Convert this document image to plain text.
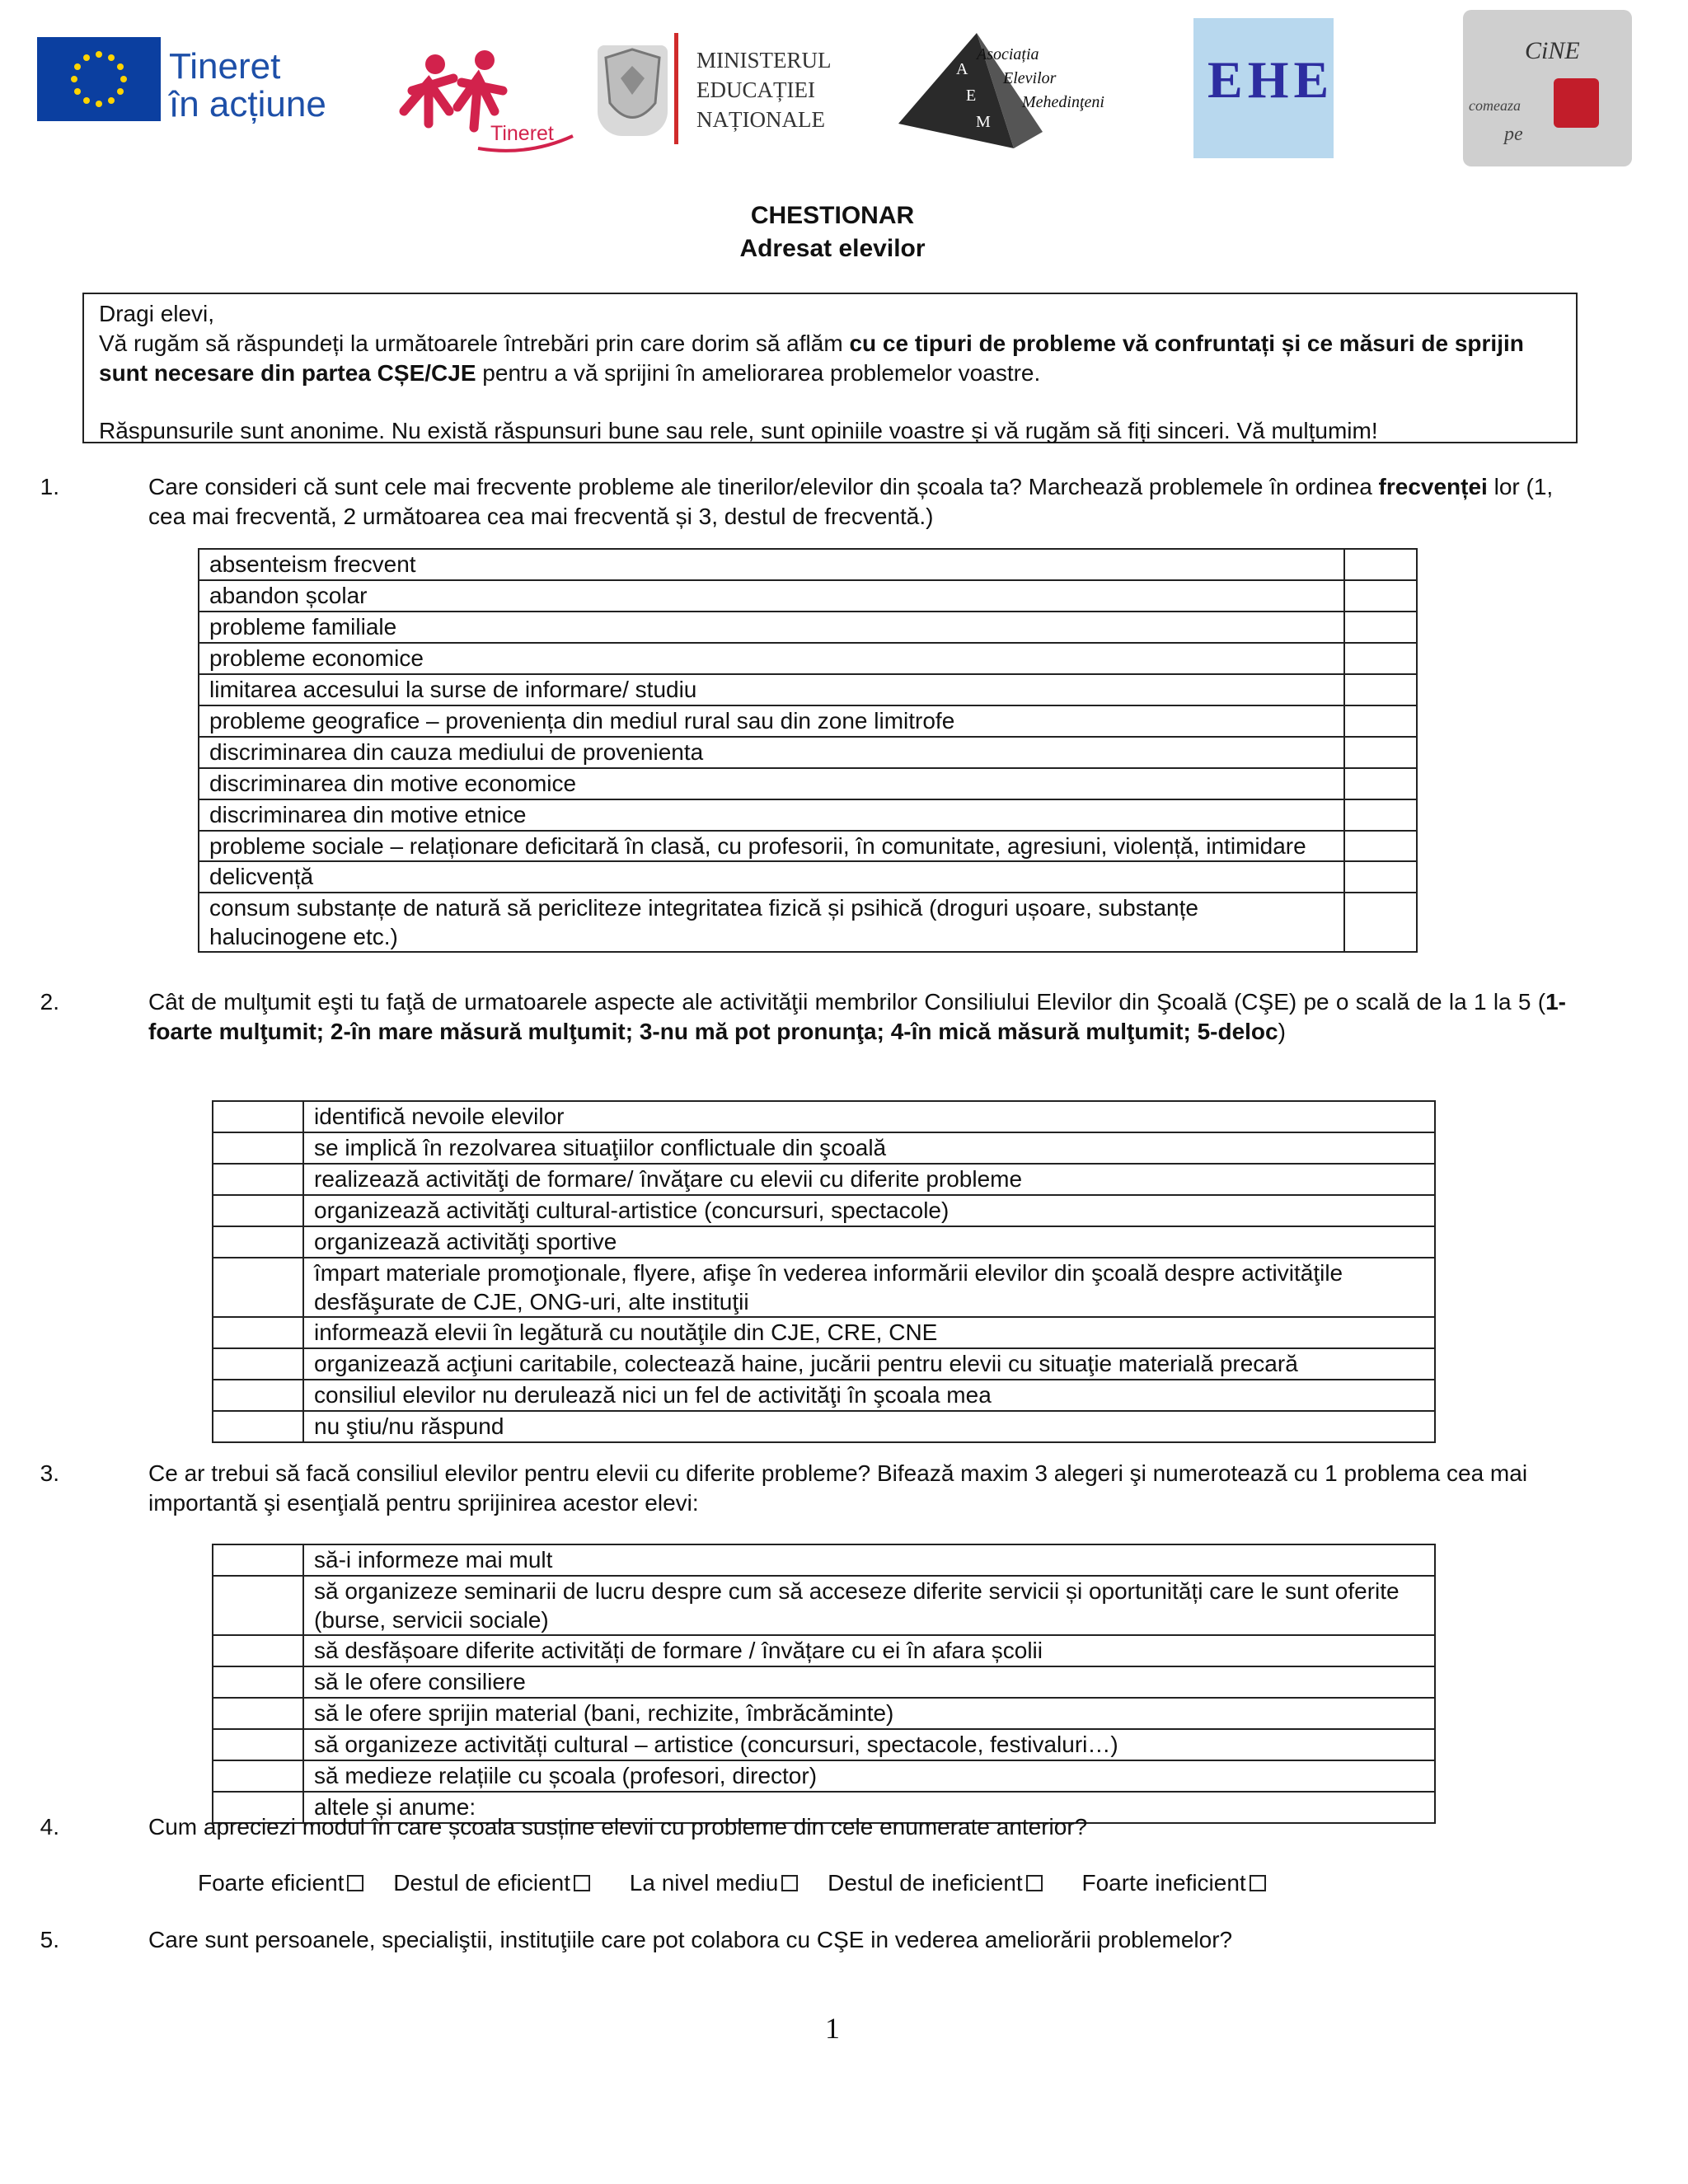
Tineret
în acțiune
Tineret
MINISTERUL
EDUCAȚIEI
NAȚIONALE
A
E
M
Asociația
Elevilor
Mehedinţeni EHE	CiNE
comeaza
pe
CHESTIONAR
Adresat elevilor

Dragi elevi,

Vă rugăm să răspundeți la următoarele întrebări prin care dorim să aflăm cu ce tipuri de probleme vă confruntați și ce măsuri de sprijin sunt necesare din partea CȘE/CJE pentru a vă sprijini în ameliorarea problemelor voastre.

Răspunsurile sunt anonime. Nu există răspunsuri bune sau rele, sunt opiniile voastre și vă rugăm să fiți sinceri. Vă mulțumim!

1.	Care consideri că sunt cele mai frecvente probleme ale tinerilor/elevilor din școala ta? Marchează problemele în ordinea frecvenței lor (1, cea mai frecventă, 2 următoarea cea mai frecventă și 3, destul de frecventă.)
absenteism frecvent	
abandon școlar	
probleme familiale	
probleme economice	
limitarea accesului la surse de informare/ studiu	
probleme geografice – proveniența din mediul rural sau din zone limitrofe	
discriminarea din cauza mediului de provenienta	
discriminarea din motive economice	
discriminarea din motive etnice	
probleme sociale – relaționare deficitară în clasă, cu profesorii, în comunitate, agresiuni, violență, intimidare	
delicvență	
consum substanțe de natură să pericliteze integritatea fizică și psihică (droguri ușoare, substanțe halucinogene etc.)	
2.	Cât de mulţumit eşti tu faţă de urmatoarele aspecte ale activităţii membrilor Consiliului Elevilor din Şcoală (CŞE) pe o scală de la 1 la 5 (1-foarte mulţumit; 2-în mare măsură mulţumit; 3-nu mă pot pronunţa; 4-în mică măsură mulţumit; 5-deloc)
	identifică nevoile elevilor
	se implică în rezolvarea situaţiilor conflictuale din şcoală
	realizează activităţi de formare/ învăţare cu elevii cu diferite probleme
	organizează activităţi cultural-artistice (concursuri, spectacole)
	organizează activităţi sportive
	împart materiale promoţionale, flyere, afişe în vederea informării elevilor din şcoală despre activităţile desfăşurate de CJE, ONG-uri, alte instituţii
	informează elevii în legătură cu noutăţile din CJE, CRE, CNE
	organizează acţiuni caritabile, colectează haine, jucării pentru elevii cu situaţie materială precară
	consiliul elevilor nu derulează nici un fel de activităţi în şcoala mea
	nu ştiu/nu răspund
3.	Ce ar trebui să facă consiliul elevilor pentru elevii cu diferite probleme? Bifează maxim 3 alegeri şi numerotează cu 1 problema cea mai importantă şi esenţială pentru sprijinirea acestor elevi:
	să-i informeze mai mult
	să organizeze seminarii de lucru despre cum să acceseze diferite servicii și oportunități care le sunt oferite (burse, servicii sociale)
	să desfășoare diferite activități de formare / învățare cu ei în afara școlii
	să le ofere consiliere
	să le ofere sprijin material (bani, rechizite, îmbrăcăminte)
	să organizeze activități cultural – artistice (concursuri, spectacole, festivaluri…)
	să medieze relațiile cu școala (profesori, director)
	altele și anume:
4.	Cum apreciezi modul în care școala susține elevii cu probleme din cele enumerate anterior?
Foarte eficient Destul de eficient	La nivel mediu Destul de ineficient	Foarte ineficient
5.	Care sunt persoanele, specialiştii, instituţiile care pot colabora cu CŞE in vederea ameliorării problemelor?
1
